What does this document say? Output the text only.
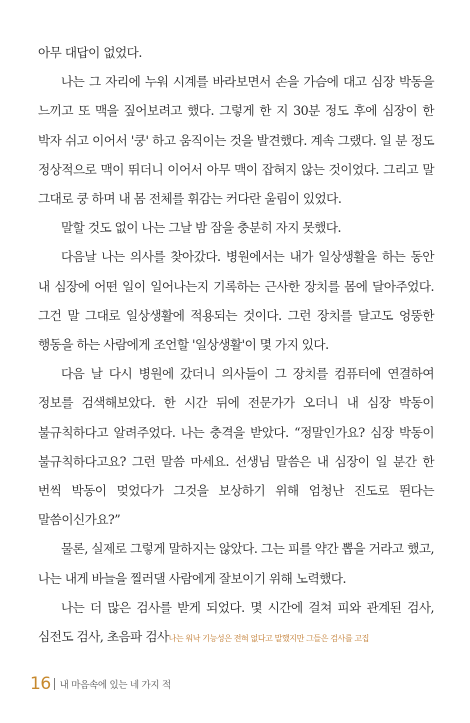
아무 대답이 없었다.

나는 그 자리에 누워 시계를 바라보면서 손을 가슴에 대고 심장 박동을 느끼고 또 맥을 짚어보려고 했다. 그렇게 한 지 30분 정도 후에 심장이 한 박자 쉬고 이어서 '쿵' 하고 움직이는 것을 발견했다. 계속 그랬다. 일 분 정도 정상적으로 맥이 뛰더니 이어서 아무 맥이 잡혀지 않는 것이었다. 그리고 말 그대로 쿵 하며 내 몸 전체를 휘감는 커다란 울림이 있었다.

말할 것도 없이 나는 그날 밤 잠을 충분히 자지 못했다.

다음날 나는 의사를 찾아갔다. 병원에서는 내가 일상생활을 하는 동안 내 심장에 어떤 일이 일어나는지 기록하는 근사한 장치를 몸에 달아주었다. 그건 말 그대로 일상생활에 적용되는 것이다. 그런 장치를 달고도 엉뚱한 행동을 하는 사람에게 조언할 '일상생활'이 몇 가지 있다.

다음 날 다시 병원에 갔더니 의사들이 그 장치를 컴퓨터에 연결하여 정보를 검색해보았다. 한 시간 뒤에 전문가가 오더니 내 심장 박동이 불규칙하다고 알려주었다. 나는 충격을 받았다. “정말인가요? 심장 박동이 불규칙하다고요? 그런 말씀 마세요. 선생님 말씀은 내 심장이 일 분간 한 번씩 박동이 멎었다가 그것을 보상하기 위해 엄청난 진도로 뛴다는 말씀이신가요?”

물론, 실제로 그렇게 말하지는 않았다. 그는 피를 약간 뽑을 거라고 했고, 나는 내게 바늘을 찔러댈 사람에게 잘보이기 위해 노력했다.

나는 더 많은 검사를 받게 되었다. 몇 시간에 걸쳐 피와 관계된 검사, 심전도 검사, 초음파 검사나는 워낙 기능성은 전혀 없다고 말했지만 그들은 검사를 고집

16 내 마음속에 있는 네 가지 적
